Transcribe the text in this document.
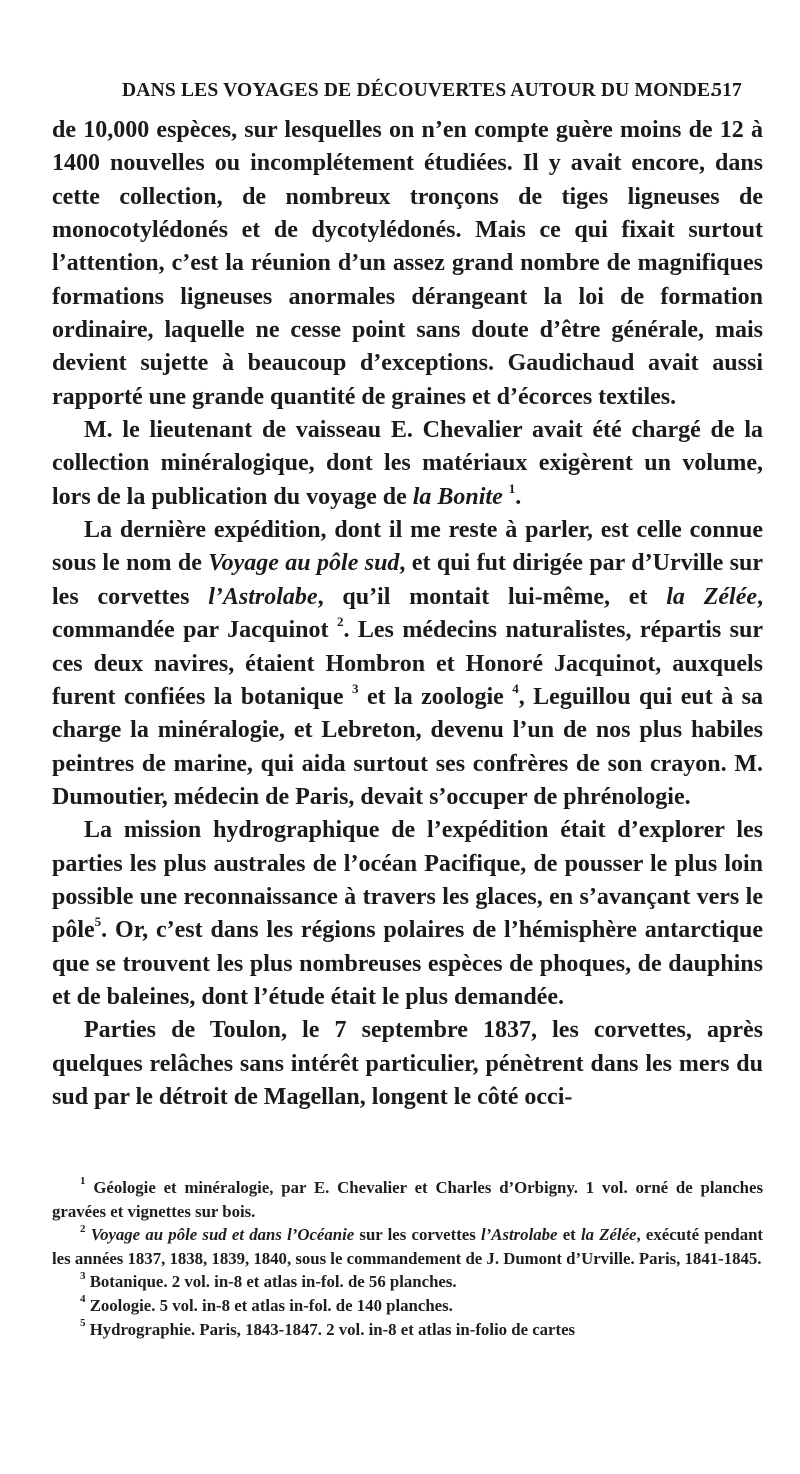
DANS LES VOYAGES DE DÉCOUVERTES AUTOUR DU MONDE.
517

de 10,000 espèces, sur lesquelles on n’en compte guère moins de 12 à 1400 nouvelles ou incomplétement étudiées. Il y avait encore, dans cette collection, de nombreux tronçons de tiges ligneuses de monocotylédonés et de dycotylédonés. Mais ce qui fixait surtout l’attention, c’est la réunion d’un assez grand nombre de magnifiques formations ligneuses anormales dérangeant la loi de formation ordinaire, laquelle ne cesse point sans doute d’être générale, mais devient sujette à beaucoup d’exceptions. Gaudichaud avait aussi rapporté une grande quantité de graines et d’écorces textiles.

M. le lieutenant de vaisseau E. Chevalier avait été chargé de la collection minéralogique, dont les matériaux exigèrent un volume, lors de la publication du voyage de la Bonite $^1$.

La dernière expédition, dont il me reste à parler, est celle connue sous le nom de Voyage au pôle sud, et qui fut dirigée par d’Urville sur les corvettes l’Astrolabe, qu’il montait lui-même, et la Zélée, commandée par Jacquinot $^2$. Les médecins naturalistes, répartis sur ces deux navires, étaient Hombron et Honoré Jacquinot, auxquels furent confiées la botanique $^3$ et la zoologie $^4$, Leguillou qui eut à sa charge la minéralogie, et Lebreton, devenu l’un de nos plus habiles peintres de marine, qui aida surtout ses confrères de son crayon. M. Dumoutier, médecin de Paris, devait s’occuper de phrénologie.

La mission hydrographique de l’expédition était d’explorer les parties les plus australes de l’océan Pacifique, de pousser le plus loin possible une reconnaissance à travers les glaces, en s’avançant vers le pôle$^5$. Or, c’est dans les régions polaires de l’hémisphère antarctique que se trouvent les plus nombreuses espèces de phoques, de dauphins et de baleines, dont l’étude était le plus demandée.

Parties de Toulon, le 7 septembre 1837, les corvettes, après quelques relâches sans intérêt particulier, pénètrent dans les mers du sud par le détroit de Magellan, longent le côté occi-

$^1$ Géologie et minéralogie, par E. Chevalier et Charles d’Orbigny. 1 vol. orné de planches gravées et vignettes sur bois.

$^2$ Voyage au pôle sud et dans l’Océanie sur les corvettes l’Astrolabe et la Zélée, exécuté pendant les années 1837, 1838, 1839, 1840, sous le commandement de J. Dumont d’Urville. Paris, 1841-1845.

$^3$ Botanique. 2 vol. in-8 et atlas in-fol. de 56 planches.

$^4$ Zoologie. 5 vol. in-8 et atlas in-fol. de 140 planches.

$^5$ Hydrographie. Paris, 1843-1847. 2 vol. in-8 et atlas in-folio de cartes
